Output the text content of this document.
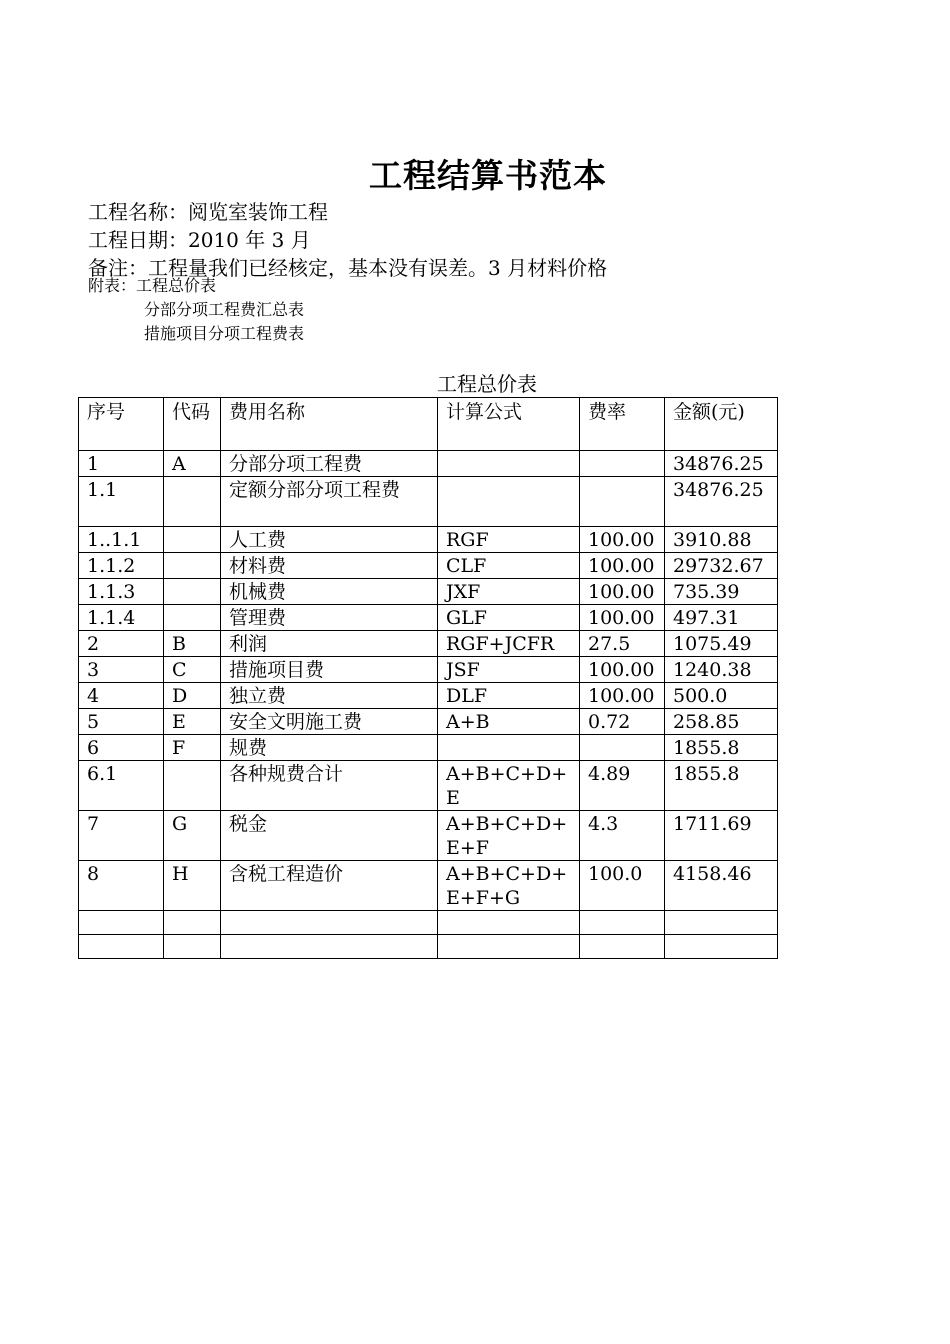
工程结算书范本
工程名称：阅览室装饰工程
工程日期：2010 年 3 月
备注：工程量我们已经核定，基本没有误差。3 月材料价格
附表：工程总价表
分部分项工程费汇总表
措施项目分项工程费表
工程总价表
序号	代码	费用名称	计算公式	费率	金额(元)
1	A	分部分项工程费			34876.25
1.1		定额分部分项工程费			34876.25
1..1.1		人工费	RGF	100.00	3910.88
1.1.2		材料费	CLF	100.00	29732.67
1.1.3		机械费	JXF	100.00	735.39
1.1.4		管理费	GLF	100.00	497.31
2	B	利润	RGF+JCFR	27.5	1075.49
3	C	措施项目费	JSF	100.00	1240.38
4	D	独立费	DLF	100.00	500.0
5	E	安全文明施工费	A+B	0.72	258.85
6	F	规费			1855.8
6.1		各种规费合计	A+B+C+D+E	4.89	1855.8
7	G	税金	A+B+C+D+E+F	4.3	1711.69
8	H	含税工程造价	A+B+C+D+E+F+G	100.0	4158.46
